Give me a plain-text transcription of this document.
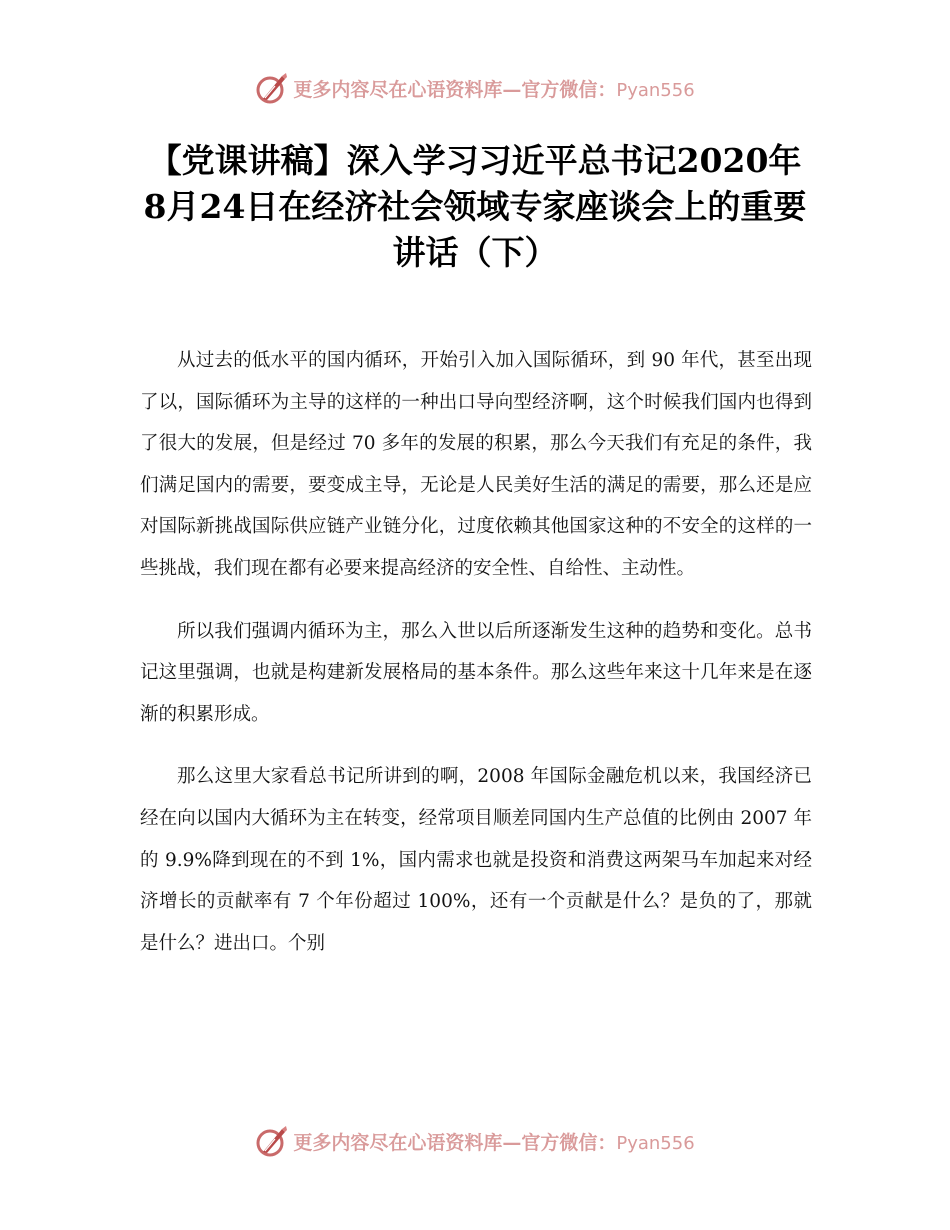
更多内容尽在心语资料库—官方微信：Pyan556
【党课讲稿】深入学习习近平总书记2020年8月24日在经济社会领域专家座谈会上的重要讲话（下）

从过去的低水平的国内循环，开始引入加入国际循环，到 90 年代，甚至出现了以，国际循环为主导的这样的一种出口导向型经济啊，这个时候我们国内也得到了很大的发展，但是经过 70 多年的发展的积累，那么今天我们有充足的条件，我们满足国内的需要，要变成主导，无论是人民美好生活的满足的需要，那么还是应对国际新挑战国际供应链产业链分化，过度依赖其他国家这种的不安全的这样的一些挑战，我们现在都有必要来提高经济的安全性、自给性、主动性。

所以我们强调内循环为主，那么入世以后所逐渐发生这种的趋势和变化。总书记这里强调，也就是构建新发展格局的基本条件。那么这些年来这十几年来是在逐渐的积累形成。

那么这里大家看总书记所讲到的啊，2008 年国际金融危机以来，我国经济已经在向以国内大循环为主在转变，经常项目顺差同国内生产总值的比例由 2007 年的 9.9%降到现在的不到 1%，国内需求也就是投资和消费这两架马车加起来对经济增长的贡献率有 7 个年份超过 100%，还有一个贡献是什么？是负的了，那就是什么？进出口。个别

更多内容尽在心语资料库—官方微信：Pyan556
